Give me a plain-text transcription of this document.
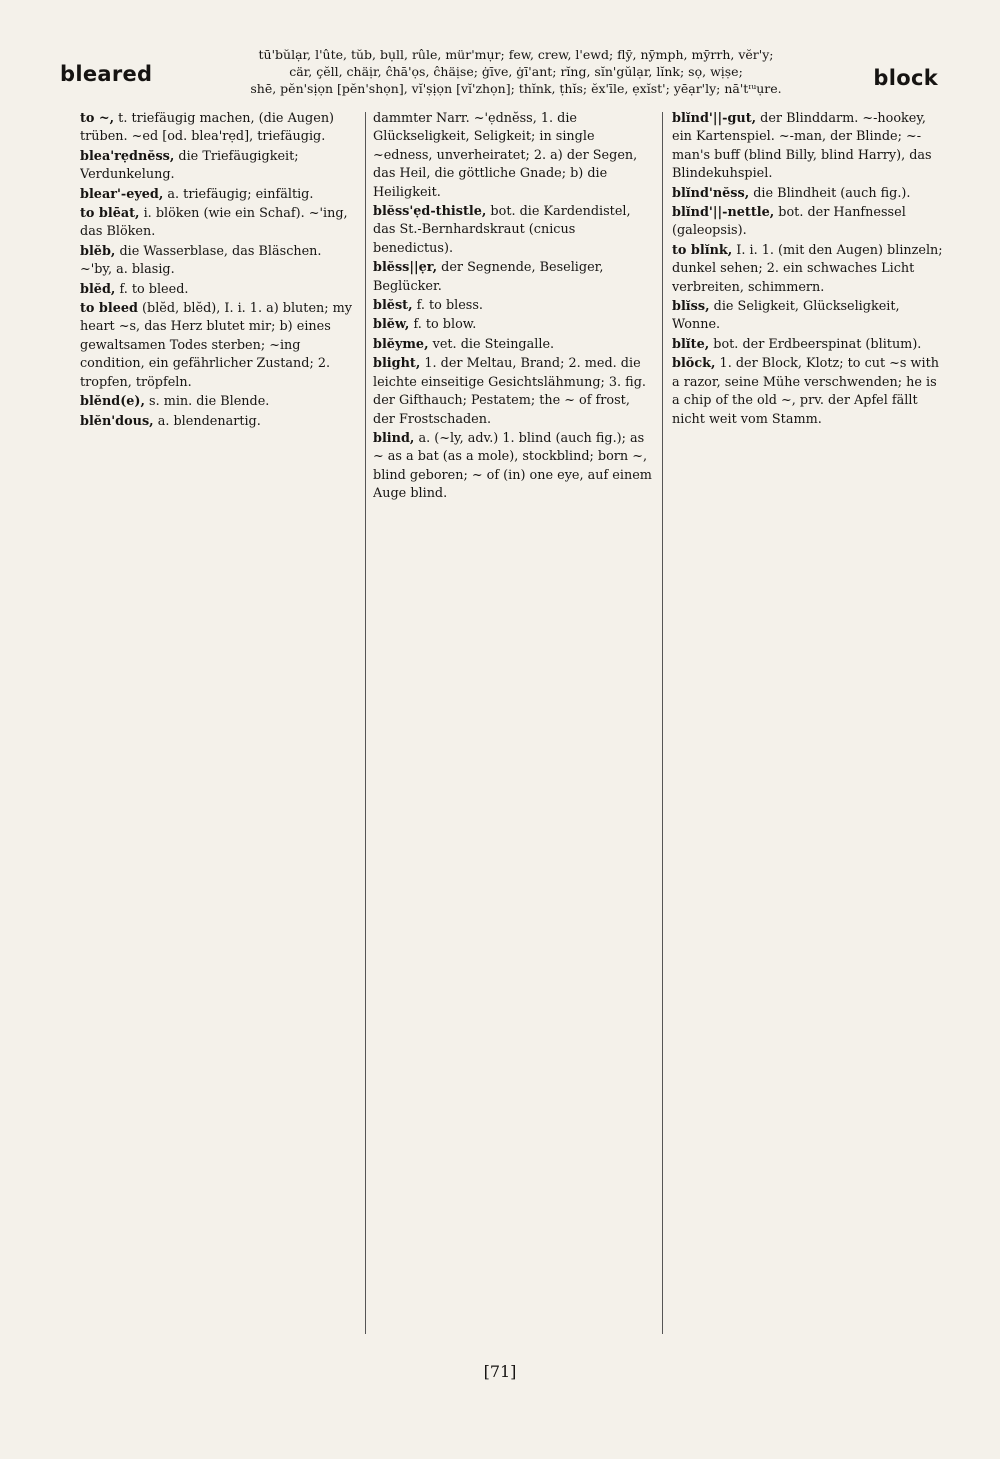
bleared	block
tū'bŭlạr, l'ûte, tŭb, bụll, rûle, mür'mụr; few, crew, l'ewd; flȳ, nȳmph, mȳrrh, vĕr'y;
cär, çĕll, chäịr, ĉhā'ọs, ĉhäịse; ġīve, ġī'ant; rĭng, sĭn'gŭlạr, lĭnk; sọ, wịṣe;
shē, pĕn'sịọn [pĕn'shọn], vĭ'ṣịọn [vĭ'zhọn]; thĭnk, ṭhĭs; ĕx'īle, ẹxĭst'; yēạr'ly; nā'tᶦᵘụre.
to ~, t. triefäugig machen, (die Augen) trüben. ~ed [od. blea'rẹd], triefäugig.
blea'rẹdnĕss, die Triefäugigkeit; Verdunkelung.
blear'-eyed, a. triefäugig; einfältig.
to blēat, i. blöken (wie ein Schaf). ~'ing, das Blöken.
blĕb, die Wasserblase, das Bläschen. ~'by, a. blasig.
blĕd, f. to bleed.
to bleed (blĕd, blĕd), I. i. 1. a) bluten; my heart ~s, das Herz blutet mir; b) eines gewaltsamen Todes sterben; ~ing condition, ein gefährlicher Zustand; 2. tropfen, tröpfeln.
blĕnd(e), s. min. die Blende.
blĕn'dous, a. blendenartig.
dammter Narr. ~'ẹdnĕss, 1. die Glückseligkeit, Seligkeit; in single ~edness, unverheiratet; 2. a) der Segen, das Heil, die göttliche Gnade; b) die Heiligkeit.
blĕss'ẹd-thistle, bot. die Kardendistel, das St.-Bernhardskraut (cnicus benedictus).
blĕss||ẹr, der Segnende, Beseliger, Beglücker.
blĕst, f. to bless.
blĕw, f. to blow.
blĕyme, vet. die Steingalle.
blight, 1. der Meltau, Brand; 2. med. die leichte einseitige Gesichtslähmung; 3. fig. der Gifthauch; Pestatem; the ~ of frost, der Frostschaden.
blind, a. (~ly, adv.) 1. blind (auch fig.); as ~ as a bat (as a mole), stockblind; born ~, blind geboren; ~ of (in) one eye, auf einem Auge blind.
blĭnd'||-gut, der Blinddarm. ~-hookey, ein Kartenspiel. ~-man, der Blinde; ~-man's buff (blind Billy, blind Harry), das Blindekuhspiel.
blĭnd'nĕss, die Blindheit (auch fig.).
blĭnd'||-nettle, bot. der Hanfnessel (galeopsis).
to blĭnk, I. i. 1. (mit den Augen) blinzeln; dunkel sehen; 2. ein schwaches Licht verbreiten, schimmern.
blĭss, die Seligkeit, Glückseligkeit, Wonne.
blĭte, bot. der Erdbeerspinat (blitum).
blŏck, 1. der Block, Klotz; to cut ~s with a razor, seine Mühe verschwenden; he is a chip of the old ~, prv. der Apfel fällt nicht weit vom Stamm.
[71]
